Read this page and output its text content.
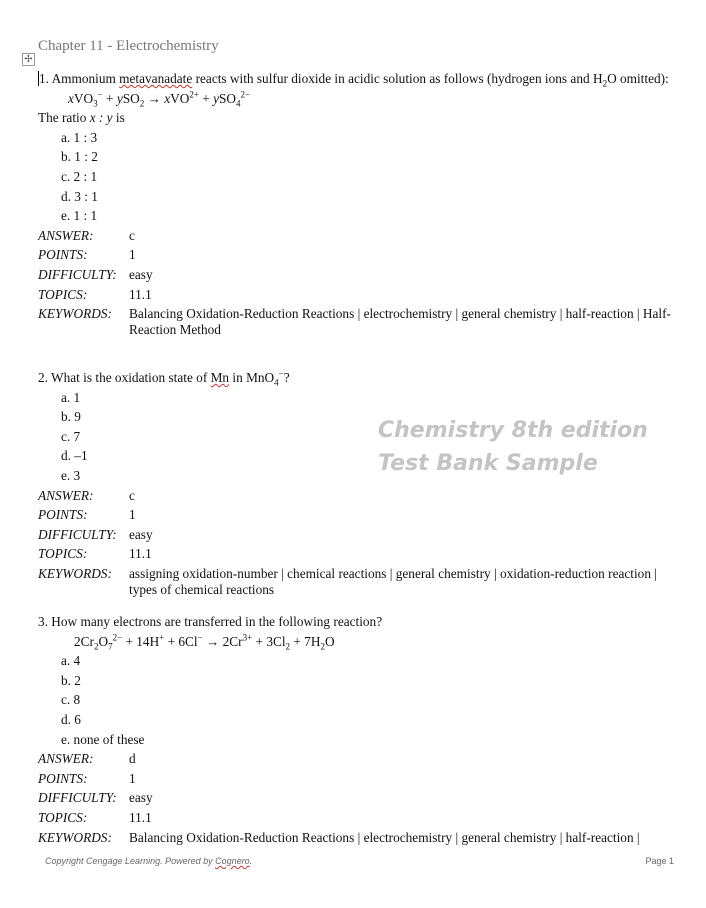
Chapter 11 - Electrochemistry
✢
1. Ammonium metavanadate reacts with sulfur dioxide in acidic solution as follows (hydrogen ions and $H_2O$ omitted):
xVO$_3$− + ySO$_2$ → xVO$^{2+}$ + ySO$_4^{2-}$
The ratio x : y is
a. 1 : 3
b. 1 : 2
c. 2 : 1
d. 3 : 1
e. 1 : 1
ANSWER:	c
POINTS:	1
DIFFICULTY: easy
TOPICS:	11.1
KEYWORDS:	Balancing Oxidation-Reduction Reactions | electrochemistry | general chemistry | half-reaction | Half-Reaction Method
2. What is the oxidation state of Mn in MnO$_4$−?
a. 1
b. 9
c. 7
d. –1
e. 3
ANSWER:	c
POINTS:	1
DIFFICULTY: easy
TOPICS:	11.1
KEYWORDS:	assigning oxidation-number | chemical reactions | general chemistry | oxidation-reduction reaction | types of chemical reactions
3. How many electrons are transferred in the following reaction?
$2Cr_2O_7^{2-} + 14H^+ + 6Cl^- \to 2Cr^{3+} + 3Cl_2 + 7H_2O$
a. 4
b. 2
c. 8
d. 6
e. none of these
ANSWER:	d
POINTS:	1
DIFFICULTY: easy
TOPICS:	11.1
KEYWORDS:	Balancing Oxidation-Reduction Reactions | electrochemistry | general chemistry | half-reaction |
Chemistry 8th edition
Test Bank Sample
Copyright Cengage Learning. Powered by Cognero.	Page 1
